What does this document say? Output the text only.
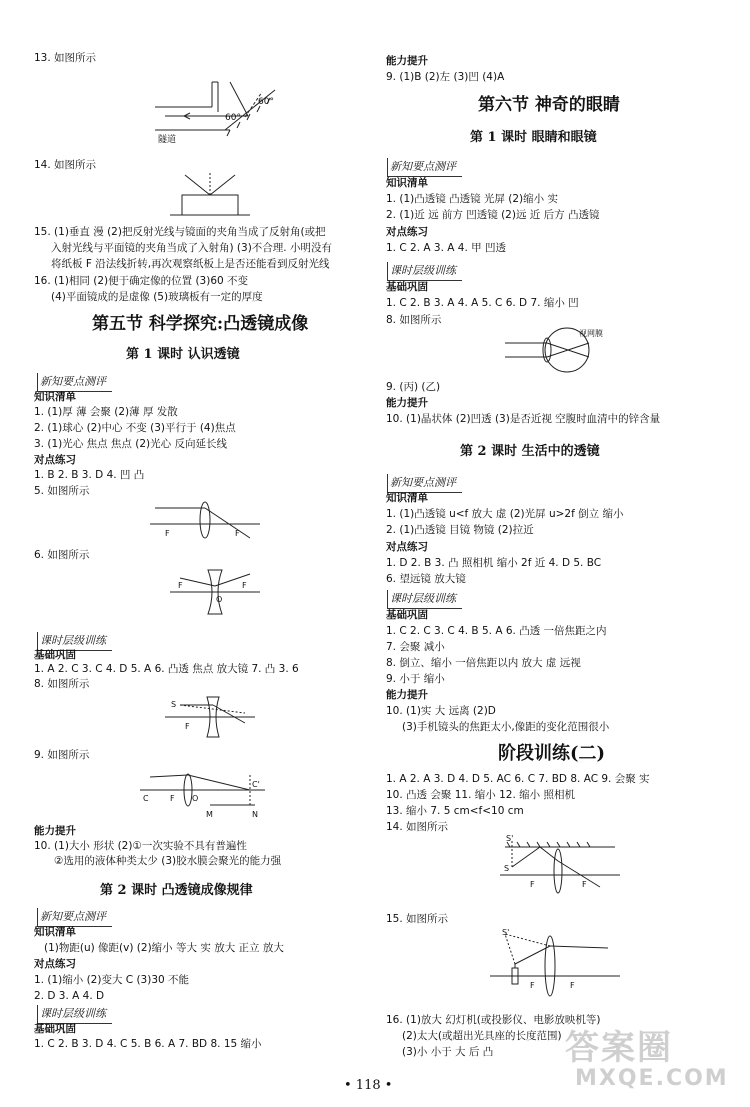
13. 如图所示
60°
60°
隧道
14. 如图所示
15. (1)垂直 漫 (2)把反射光线与镜面的夹角当成了反射角(或把
入射光线与平面镜的夹角当成了入射角) (3)不合理. 小明没有
将纸板 F 沿法线折转,再次观察纸板上是否还能看到反射光线
16. (1)相同 (2)便于确定像的位置 (3)60 不变
(4)平面镜成的是虚像 (5)玻璃板有一定的厚度
第五节 科学探究:凸透镜成像
第 1 课时 认识透镜
新知要点测评
知识清单
1. (1)厚 薄 会聚 (2)薄 厚 发散
2. (1)球心 (2)中心 不变 (3)平行于 (4)焦点
3. (1)光心 焦点 焦点 (2)光心 反向延长线
对点练习
1. B 2. B 3. D 4. 凹 凸
5. 如图所示
F	F
6. 如图所示
F
O
F
课时层级训练
基础巩固
1. A 2. C 3. C 4. D 5. A 6. 凸透 焦点 放大镜 7. 凸 3. 6
8. 如图所示
S
F
9. 如图所示
C	F O
C'
M	N
能力提升
10. (1)大小 形状 (2)①一次实验不具有普遍性
②选用的液体种类太少 (3)胶水膜会聚光的能力强
第 2 课时 凸透镜成像规律
新知要点测评
知识清单
(1)物距(u) 像距(v) (2)缩小 等大 实 放大 正立 放大
对点练习
1. (1)缩小 (2)变大 C (3)30 不能
2. D 3. A 4. D
课时层级训练
基础巩固
1. C 2. B 3. D 4. C 5. B 6. A 7. BD 8. 15 缩小
能力提升
9. (1)B (2)左 (3)凹 (4)A
第六节 神奇的眼睛
第 1 课时 眼睛和眼镜
新知要点测评
知识清单
1. (1)凸透镜 凸透镜 光屏 (2)缩小 实
2. (1)近 远 前方 凹透镜 (2)远 近 后方 凸透镜
对点练习
1. C 2. A 3. A 4. 甲 凹透
课时层级训练
基础巩固
1. C 2. B 3. A 4. A 5. C 6. D 7. 缩小 凹
8. 如图所示
视网膜
9. (丙) (乙)
能力提升
10. (1)晶状体 (2)凹透 (3)是否近视 空腹时血清中的锌含量
第 2 课时 生活中的透镜
新知要点测评
知识清单
1. (1)凸透镜 u<f 放大 虚 (2)光屏 u>2f 倒立 缩小
2. (1)凸透镜 目镜 物镜 (2)拉近
对点练习
1. D 2. B 3. 凸 照相机 缩小 2f 近 4. D 5. BC
6. 望远镜 放大镜
课时层级训练
基础巩固
1. C 2. C 3. C 4. B 5. A 6. 凸透 一倍焦距之内
7. 会聚 减小
8. 倒立、缩小 一倍焦距以内 放大 虚 远视
9. 小于 缩小
能力提升
10. (1)实 大 远离 (2)D
(3)手机镜头的焦距太小,像距的变化范围很小
阶段训练(二)
1. A 2. A 3. D 4. D 5. AC 6. C 7. BD 8. AC 9. 会聚 实
10. 凸透 会聚 11. 缩小 12. 缩小 照相机
13. 缩小 7. 5 cm<f<10 cm
14. 如图所示
S'
S
F	F
15. 如图所示
S'
F	F
16. (1)放大 幻灯机(或投影仪、电影放映机等)
(2)太大(或超出光具座的长度范围)
(3)小 小于 大 后 凸 答案圈
MXQE.COM
• 118 •
